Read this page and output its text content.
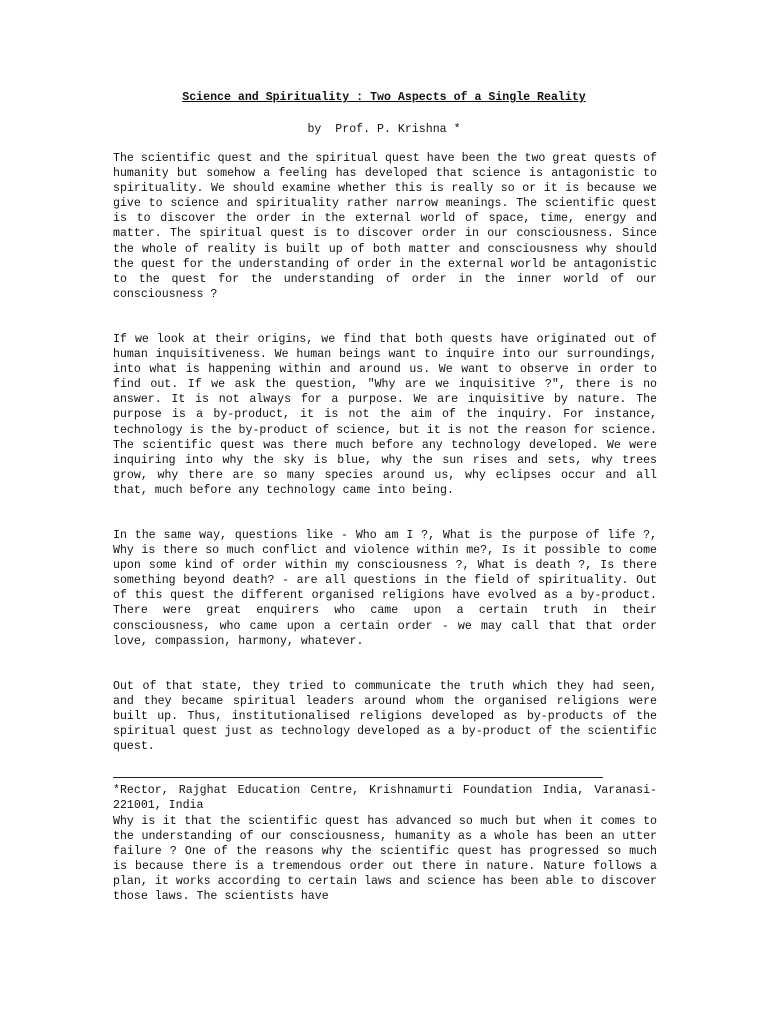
Science and Spirituality : Two Aspects of a Single Reality
by  Prof. P. Krishna *

The scientific quest and the spiritual quest have been the two great quests of humanity but somehow a feeling has developed that science is antagonistic to spirituality. We should examine whether this is really so or it is because we give to science and spirituality rather narrow meanings. The scientific quest is to discover the order in the external world of space, time, energy and matter. The spiritual quest is to discover order in our consciousness. Since the whole of reality is built up of both matter and consciousness why should the quest for the understanding of order in the external world be antagonistic to the quest for the understanding of order in the inner world of our consciousness ?

If we look at their origins, we find that both quests have originated out of human inquisitiveness. We human beings want to inquire into our surroundings, into what is happening within and around us. We want to observe in order to find out. If we ask the question, "Why are we inquisitive ?", there is no answer. It is not always for a purpose. We are inquisitive by nature. The purpose is a by-product, it is not the aim of the inquiry. For instance, technology is the by-product of science, but it is not the reason for science. The scientific quest was there much before any technology developed. We were inquiring into why the sky is blue, why the sun rises and sets, why trees grow, why there are so many species around us, why eclipses occur and all that, much before any technology came into being.

In the same way, questions like - Who am I ?, What is the purpose of life ?, Why is there so much conflict and violence within me?, Is it possible to come upon some kind of order within my consciousness ?, What is death ?, Is there something beyond death? - are all questions in the field of spirituality. Out of this quest the different organised religions have evolved as a by-product. There were great enquirers who came upon a certain truth in their consciousness, who came upon a certain order - we may call that that order love, compassion, harmony, whatever.

Out of that state, they tried to communicate the truth which they had seen, and they became spiritual leaders around whom the organised religions were built up. Thus, institutionalised religions developed as by-products of the spiritual quest just as technology developed as a by-product of the scientific quest.

*Rector, Rajghat Education Centre, Krishnamurti Foundation India, Varanasi-221001, India

Why is it that the scientific quest has advanced so much but when it comes to the understanding of our consciousness, humanity as a whole has been an utter failure ? One of the reasons why the scientific quest has progressed so much is because there is a tremendous order out there in nature. Nature follows a plan, it works according to certain laws and science has been able to discover those laws. The scientists have
